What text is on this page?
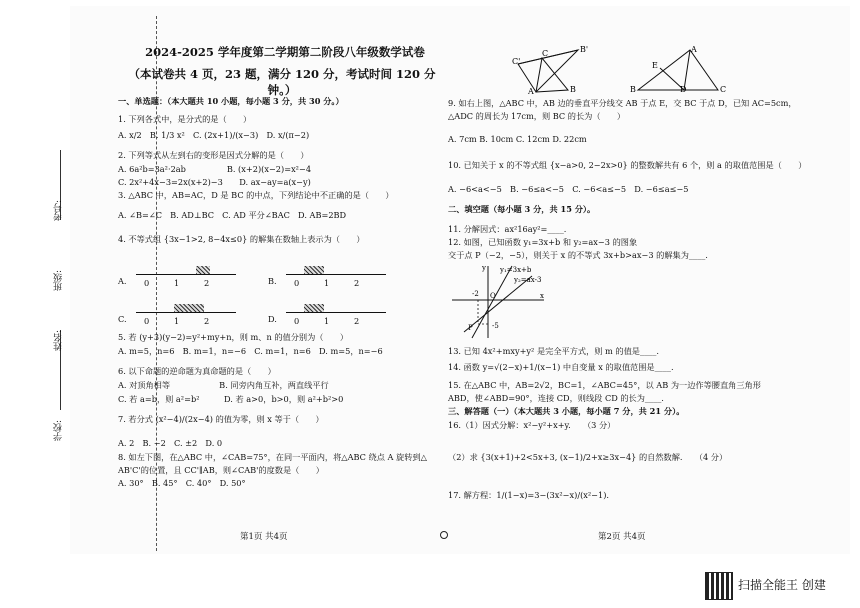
学校:
姓名:
班级:
考号:
2024-2025 学年度第二学期第二阶段八年级数学试卷
（本试卷共 4 页，23 题，满分 120 分，考试时间 120 分钟。）
一、单选题：（本大题共 10 小题，每小题 3 分，共 30 分。）
1. 下列各式中，是分式的是（　　）
A. x/2　B. 1/3 x²　C. (2x+1)/(x−3)　D. x/(π−2)
2. 下列等式从左到右的变形是因式分解的是（　　）
A. 6a²b=3a²·2ab　　　　　B. (x+2)(x−2)=x²−4
C. 2x²+4x−3=2x(x+2)−3　　D. ax−ay=a(x−y)
3. △ABC 中，AB=AC，D 是 BC 的中点，下列结论中不正确的是（　　）
A. ∠B=∠C　B. AD⊥BC　C. AD 平分∠BAC　D. AB=2BD
4. 不等式组 {3x−1>2, 8−4x≤0} 的解集在数轴上表示为（　　）
A. 0	1	2	B. 0	1	2
C. 0	1	2	D. 0	1	2
5. 若 (y+3)(y−2)=y²+my+n，则 m、n 的值分别为（　　）
A. m=5，n=6　B. m=1，n=−6　C. m=1，n=6　D. m=5，n=−6
6. 以下命题的逆命题为真命题的是（　　）
A. 对顶角相等　　　　　　B. 同旁内角互补，两直线平行
C. 若 a=b，则 a²=b²　　　D. 若 a>0，b>0，则 a²+b²>0
7. 若分式 (x²−4)/(2x−4) 的值为零，则 x 等于（　　）
A. 2　B. −2　C. ±2　D. 0
8. 如左下图，在△ABC 中，∠CAB=75°，在同一平面内，将△ABC 绕点 A 旋转到△
AB'C'的位置，且 CC'∥AB，则∠CAB'的度数是（　　）
A. 30°　B. 45°　C. 40°　D. 50°
第1页 共4页
C'
C	B'
A	B
A
B	C
D
E
9. 如右上图，△ABC 中，AB 边的垂直平分线交 AB 于点 E，交 BC 于点 D，已知 AC=5cm，
△ADC 的周长为 17cm，则 BC 的长为（　　）
A. 7cm B. 10cm C. 12cm D. 22cm
10. 已知关于 x 的不等式组 {x−a>0, 2−2x>0} 的整数解共有 6 个，则 a 的取值范围是（　　）
A. −6<a<−5　B. −6≤a<−5　C. −6<a≤−5　D. −6≤a≤−5
二、填空题（每小题 3 分，共 15 分）。
11. 分解因式：ax²16ay²=____.
12. 如图，已知函数 y₁=3x+b 和 y₂=ax−3 的图象
交于点 P（−2，−5），则关于 x 的不等式 3x+b>ax−3 的解集为____.
y₁=3x+b
y₂=ax-3
P
O	x
y
-2
-5
13. 已知 4x²+mxy+y² 是完全平方式，则 m 的值是____.
14. 函数 y=√(2−x)+1/(x−1) 中自变量 x 的取值范围是____.
15. 在△ABC 中，AB=2√2，BC=1，∠ABC=45°，以 AB 为一边作等腰直角三角形
ABD，使∠ABD=90°，连接 CD，则线段 CD 的长为____.
三、解答题（一）（本大题共 3 小题，每小题 7 分，共 21 分）。
16.（1）因式分解：x²−y²+x+y.　　（3 分）
（2）求 {3(x+1)+2<5x+3, (x−1)/2+x≥3x−4} 的自然数解.　　（4 分）
17. 解方程：1/(1−x)=3−(3x²−x)/(x²−1).
第2页 共4页
扫描全能王 创建
